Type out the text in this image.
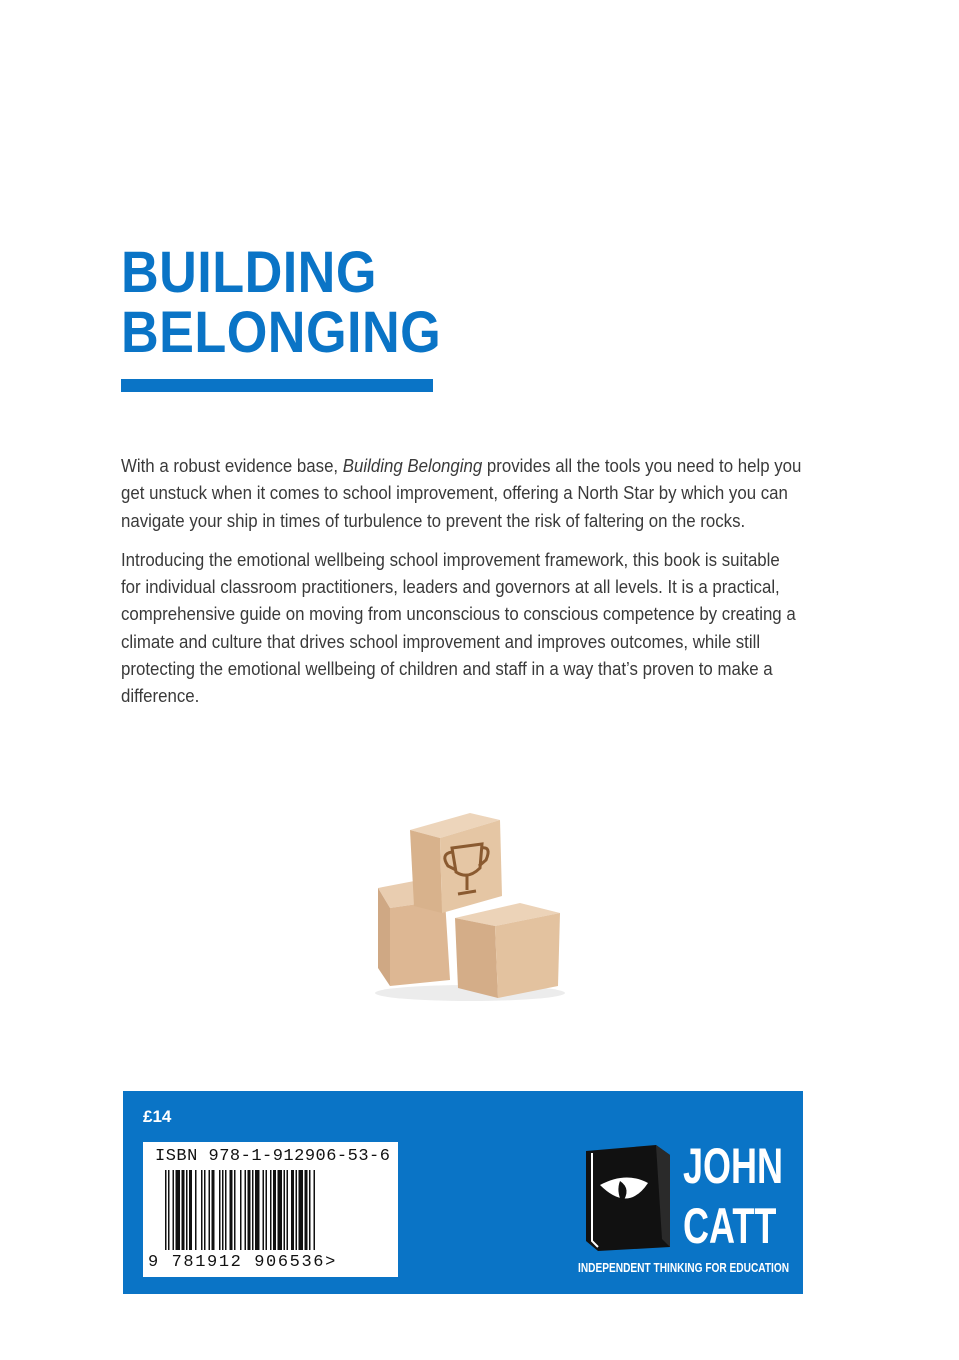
BUILDING
BELONGING

With a robust evidence base, Building Belonging provides all the tools you need to help you get unstuck when it comes to school improvement, offering a North Star by which you can navigate your ship in times of turbulence to prevent the risk of faltering on the rocks.

Introducing the emotional wellbeing school improvement framework, this book is suitable for individual classroom practitioners, leaders and governors at all levels. It is a practical, comprehensive guide on moving from unconscious to conscious competence by creating a climate and culture that drives school improvement and improves outcomes, while still protecting the emotional wellbeing of children and staff in a way that’s proven to make a difference.

£14
ISBN 978-1-912906-53-6
9 781912 906536>
JOHN
CATT
INDEPENDENT THINKING FOR EDUCATION
